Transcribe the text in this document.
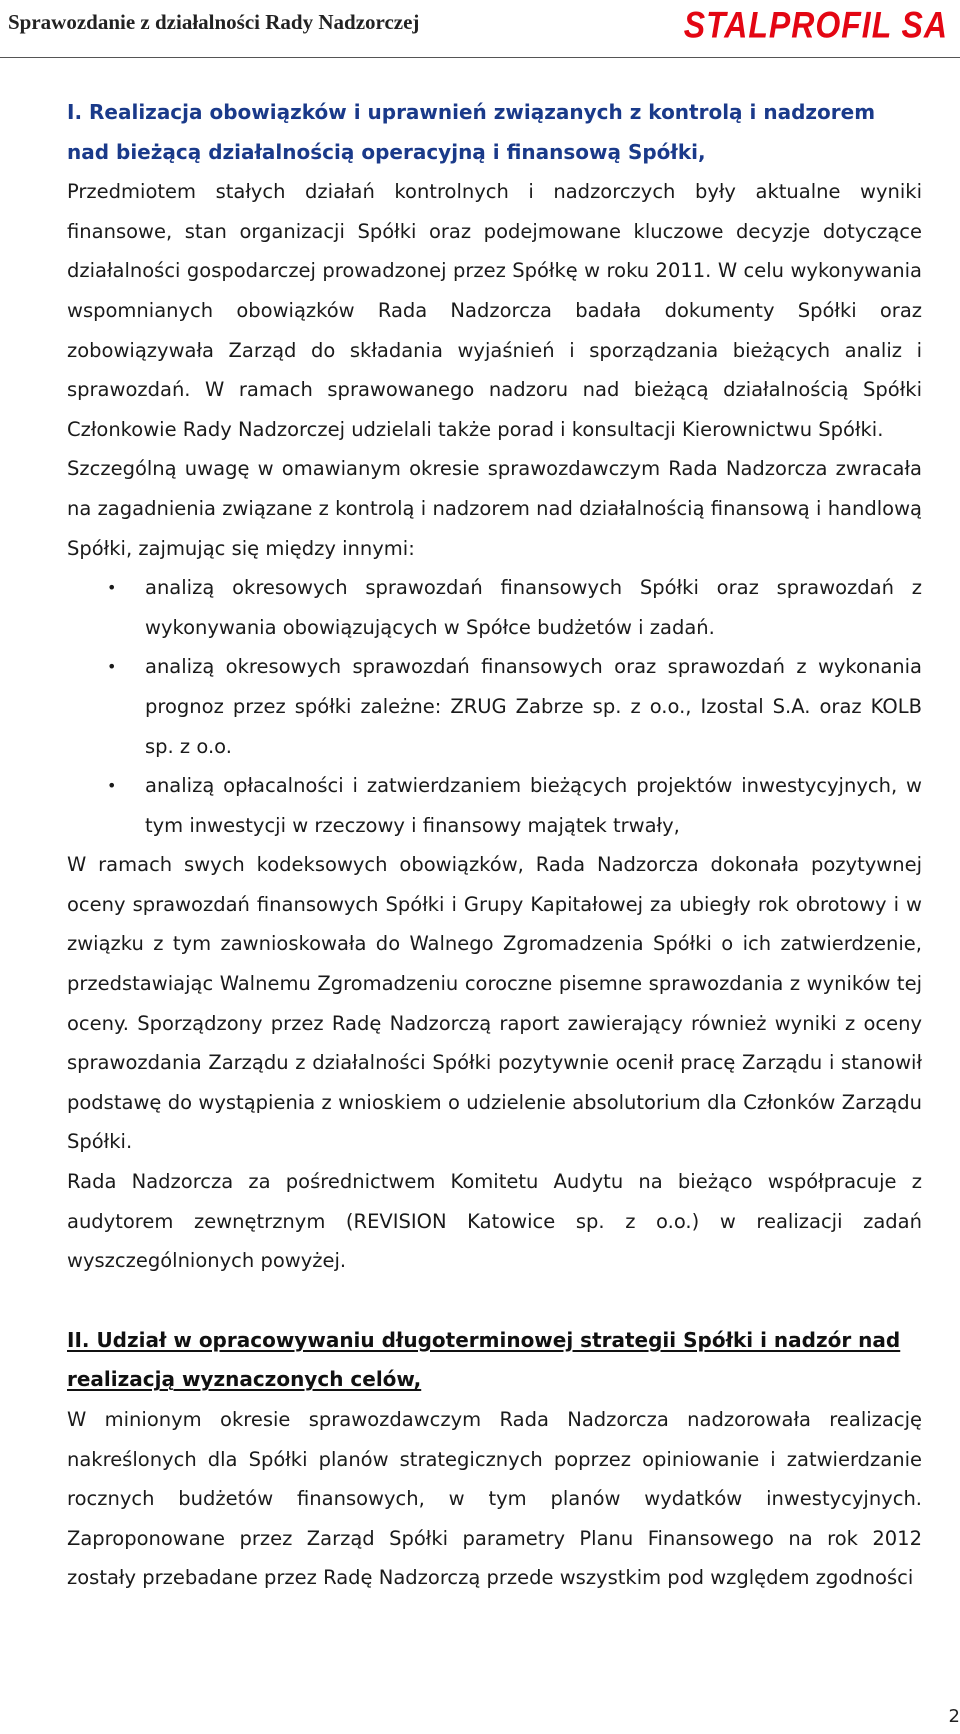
Sprawozdanie z działalności Rady Nadzorczej	STALPROFIL SA

I. Realizacja obowiązków i uprawnień związanych z kontrolą i nadzorem nad bieżącą działalnością operacyjną i finansową Spółki,

Przedmiotem stałych działań kontrolnych i nadzorczych były aktualne wyniki finansowe, stan organizacji Spółki oraz podejmowane kluczowe decyzje dotyczące działalności gospodarczej prowadzonej przez Spółkę w roku 2011. W celu wykonywania wspomnianych obowiązków Rada Nadzorcza badała dokumenty Spółki oraz zobowiązywała Zarząd do składania wyjaśnień i sporządzania bieżących analiz i sprawozdań. W ramach sprawowanego nadzoru nad bieżącą działalnością Spółki Członkowie Rady Nadzorczej udzielali także porad i konsultacji Kierownictwu Spółki.

Szczególną uwagę w omawianym okresie sprawozdawczym Rada Nadzorcza zwracała na zagadnienia związane z kontrolą i nadzorem nad działalnością finansową i handlową Spółki, zajmując się między innymi:

• analizą okresowych sprawozdań finansowych Spółki oraz sprawozdań z wykonywania obowiązujących w Spółce budżetów i zadań.
• analizą okresowych sprawozdań finansowych oraz sprawozdań z wykonania prognoz przez spółki zależne: ZRUG Zabrze sp. z o.o., Izostal S.A. oraz KOLB sp. z o.o.
• analizą opłacalności i zatwierdzaniem bieżących projektów inwestycyjnych, w tym inwestycji w rzeczowy i finansowy majątek trwały,

W ramach swych kodeksowych obowiązków, Rada Nadzorcza dokonała pozytywnej oceny sprawozdań finansowych Spółki i Grupy Kapitałowej za ubiegły rok obrotowy i w związku z tym zawnioskowała do Walnego Zgromadzenia Spółki o ich zatwierdzenie, przedstawiając Walnemu Zgromadzeniu coroczne pisemne sprawozdania z wyników tej oceny. Sporządzony przez Radę Nadzorczą raport zawierający również wyniki z oceny sprawozdania Zarządu z działalności Spółki pozytywnie ocenił pracę Zarządu i stanowił podstawę do wystąpienia z wnioskiem o udzielenie absolutorium dla Członków Zarządu Spółki.

Rada Nadzorcza za pośrednictwem Komitetu Audytu na bieżąco współpracuje z audytorem zewnętrznym (REVISION Katowice sp. z o.o.) w realizacji zadań wyszczególnionych powyżej.

II. Udział w opracowywaniu długoterminowej strategii Spółki i nadzór nad realizacją wyznaczonych celów,

W minionym okresie sprawozdawczym Rada Nadzorcza nadzorowała realizację nakreślonych dla Spółki planów strategicznych poprzez opiniowanie i zatwierdzanie rocznych budżetów finansowych, w tym planów wydatków inwestycyjnych. Zaproponowane przez Zarząd Spółki parametry Planu Finansowego na rok 2012 zostały przebadane przez Radę Nadzorczą przede wszystkim pod względem zgodności

2
